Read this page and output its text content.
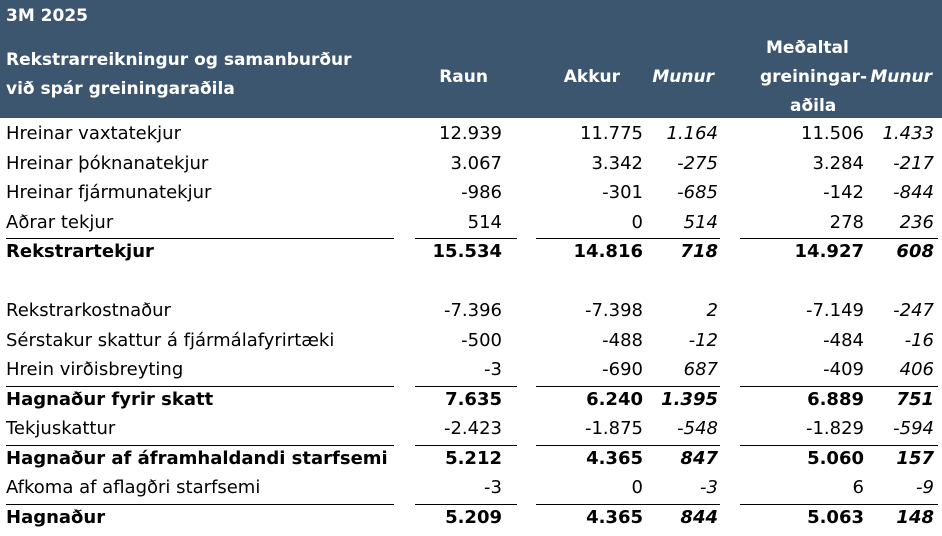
3M 2025
Rekstrarreikningur og samanburður
við spár greiningaraðila
Raun	Akkur Munur
Meðaltal
greiningar-
aðila
Munur
Hreinar vaxtatekjur	12.939	11.775 1.164	11.506 1.433
Hreinar þóknanatekjur	3.067	3.342 -275	3.284 -217
Hreinar fjármunatekjur	-986	-301 -685	-142 -844
Aðrar tekjur	514	0 514	278 236
Rekstrartekjur	15.534	14.816 718	14.927 608
Rekstrarkostnaður	-7.396	-7.398	2	-7.149 -247
Sérstakur skattur á fjármálafyrirtæki	-500	-488	-12	-484 -16
Hrein virðisbreyting	-3	-690 687	-409 406
Hagnaður fyrir skatt	7.635	6.240 1.395	6.889 751
Tekjuskattur	-2.423	-1.875 -548	-1.829 -594
Hagnaður af áframhaldandi starfsemi	5.212	4.365 847	5.060 157
Afkoma af aflagðri starfsemi	-3	0	-3	6	-9
Hagnaður	5.209	4.365 844	5.063 148
